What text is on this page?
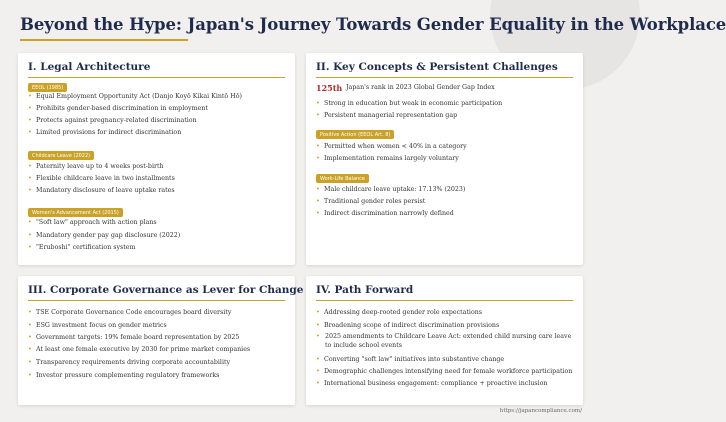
Beyond the Hype: Japan's Journey Towards Gender Equality in the Workplace
I. Legal Architecture
EEOL (1985)
• Equal Employment Opportunity Act (Danjo Koyō Kikai Kintō Hō)
• Prohibits gender-based discrimination in employment
• Protects against pregnancy-related discrimination
• Limited provisions for indirect discrimination
Childcare Leave (2022)
• Paternity leave up to 4 weeks post-birth
• Flexible childcare leave in two installments
• Mandatory disclosure of leave uptake rates
Women's Advancement Act (2015)
• "Soft law" approach with action plans
• Mandatory gender pay gap disclosure (2022)
• "Eruboshi" certification system
II. Key Concepts & Persistent Challenges
125th Japan's rank in 2023 Global Gender Gap Index
• Strong in education but weak in economic participation
• Persistent managerial representation gap
Positive Action (EEOL Art. 8)
• Permitted when women < 40% in a category
• Implementation remains largely voluntary
Work-Life Balance
• Male childcare leave uptake: 17.13% (2023)
• Traditional gender roles persist
• Indirect discrimination narrowly defined
III. Corporate Governance as Lever for Change
• TSE Corporate Governance Code encourages board diversity
• ESG investment focus on gender metrics
• Government targets: 19% female board representation by 2025
• At least one female executive by 2030 for prime market companies
• Transparency requirements driving corporate accountability
• Investor pressure complementing regulatory frameworks
IV. Path Forward
• Addressing deep-rooted gender role expectations
• Broadening scope of indirect discrimination provisions
• 2025 amendments to Childcare Leave Act: extended child nursing care leave to include school events
• Converting "soft law" initiatives into substantive change
• Demographic challenges intensifying need for female workforce participation
• International business engagement: compliance + proactive inclusion
https://japancompliance.com/
